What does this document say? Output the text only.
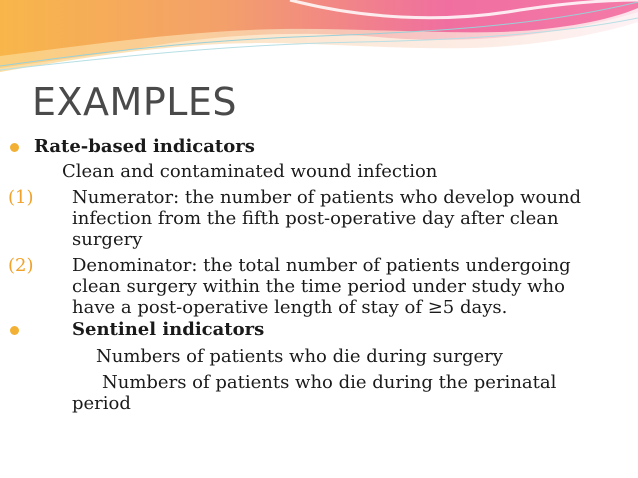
EXAMPLES
Rate-based indicators
Clean and contaminated wound infection
(1) Numerator: the number of patients who develop wound
infection from the fifth post-operative day after clean
surgery
(2) Denominator: the total number of patients undergoing
clean surgery within the time period under study who
have a post-operative length of stay of ≥5 days.
Sentinel indicators
Numbers of patients who die during surgery
Numbers of patients who die during the perinatal
period
